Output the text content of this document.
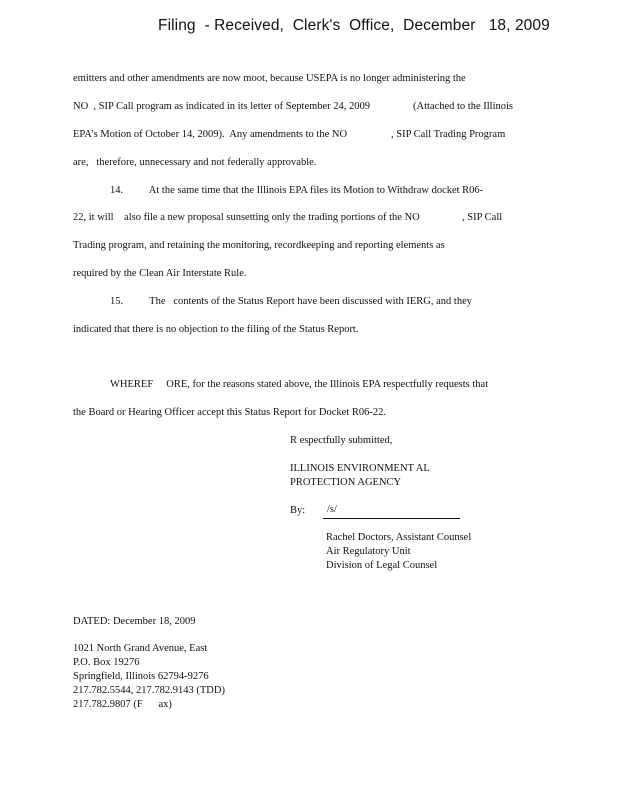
Filing  - Received,  Clerk's  Office,  December   18, 2009
emitters and other amendments are now moot, because USEPA is no longer administering the
NO  , SIP Call program as indicated in its letter of September 24, 2009	(Attached to the Illinois
EPA’s Motion of October 14, 2009).  Any amendments to the NO	, SIP Call Trading Program
are,   therefore, unnecessary and not federally approvable.
14.          At the same time that the Illinois EPA files its Motion to Withdraw docket R06-
22, it will    also file a new proposal sunsetting only the trading portions of the NO	, SIP Call
Trading program, and retaining the monitoring, recordkeeping and reporting elements as
required by the Clean Air Interstate Rule.
15.          The   contents of the Status Report have been discussed with IERG, and they
indicated that there is no objection to the filing of the Status Report.
WHEREF     ORE, for the reasons stated above, the Illinois EPA respectfully requests that
the Board or Hearing Officer accept this Status Report for Docket R06-22.
R espectfully submitted,
ILLINOIS ENVIRONMENT AL
PROTECTION AGENCY
By: /s/
Rachel Doctors, Assistant Counsel
Air Regulatory Unit
Division of Legal Counsel
DATED: December 18, 2009
1021 North Grand Avenue, East
P.O. Box 19276
Springfield, Illinois 62794-9276
217.782.5544, 217.782.9143 (TDD)
217.782.9807 (F      ax)
